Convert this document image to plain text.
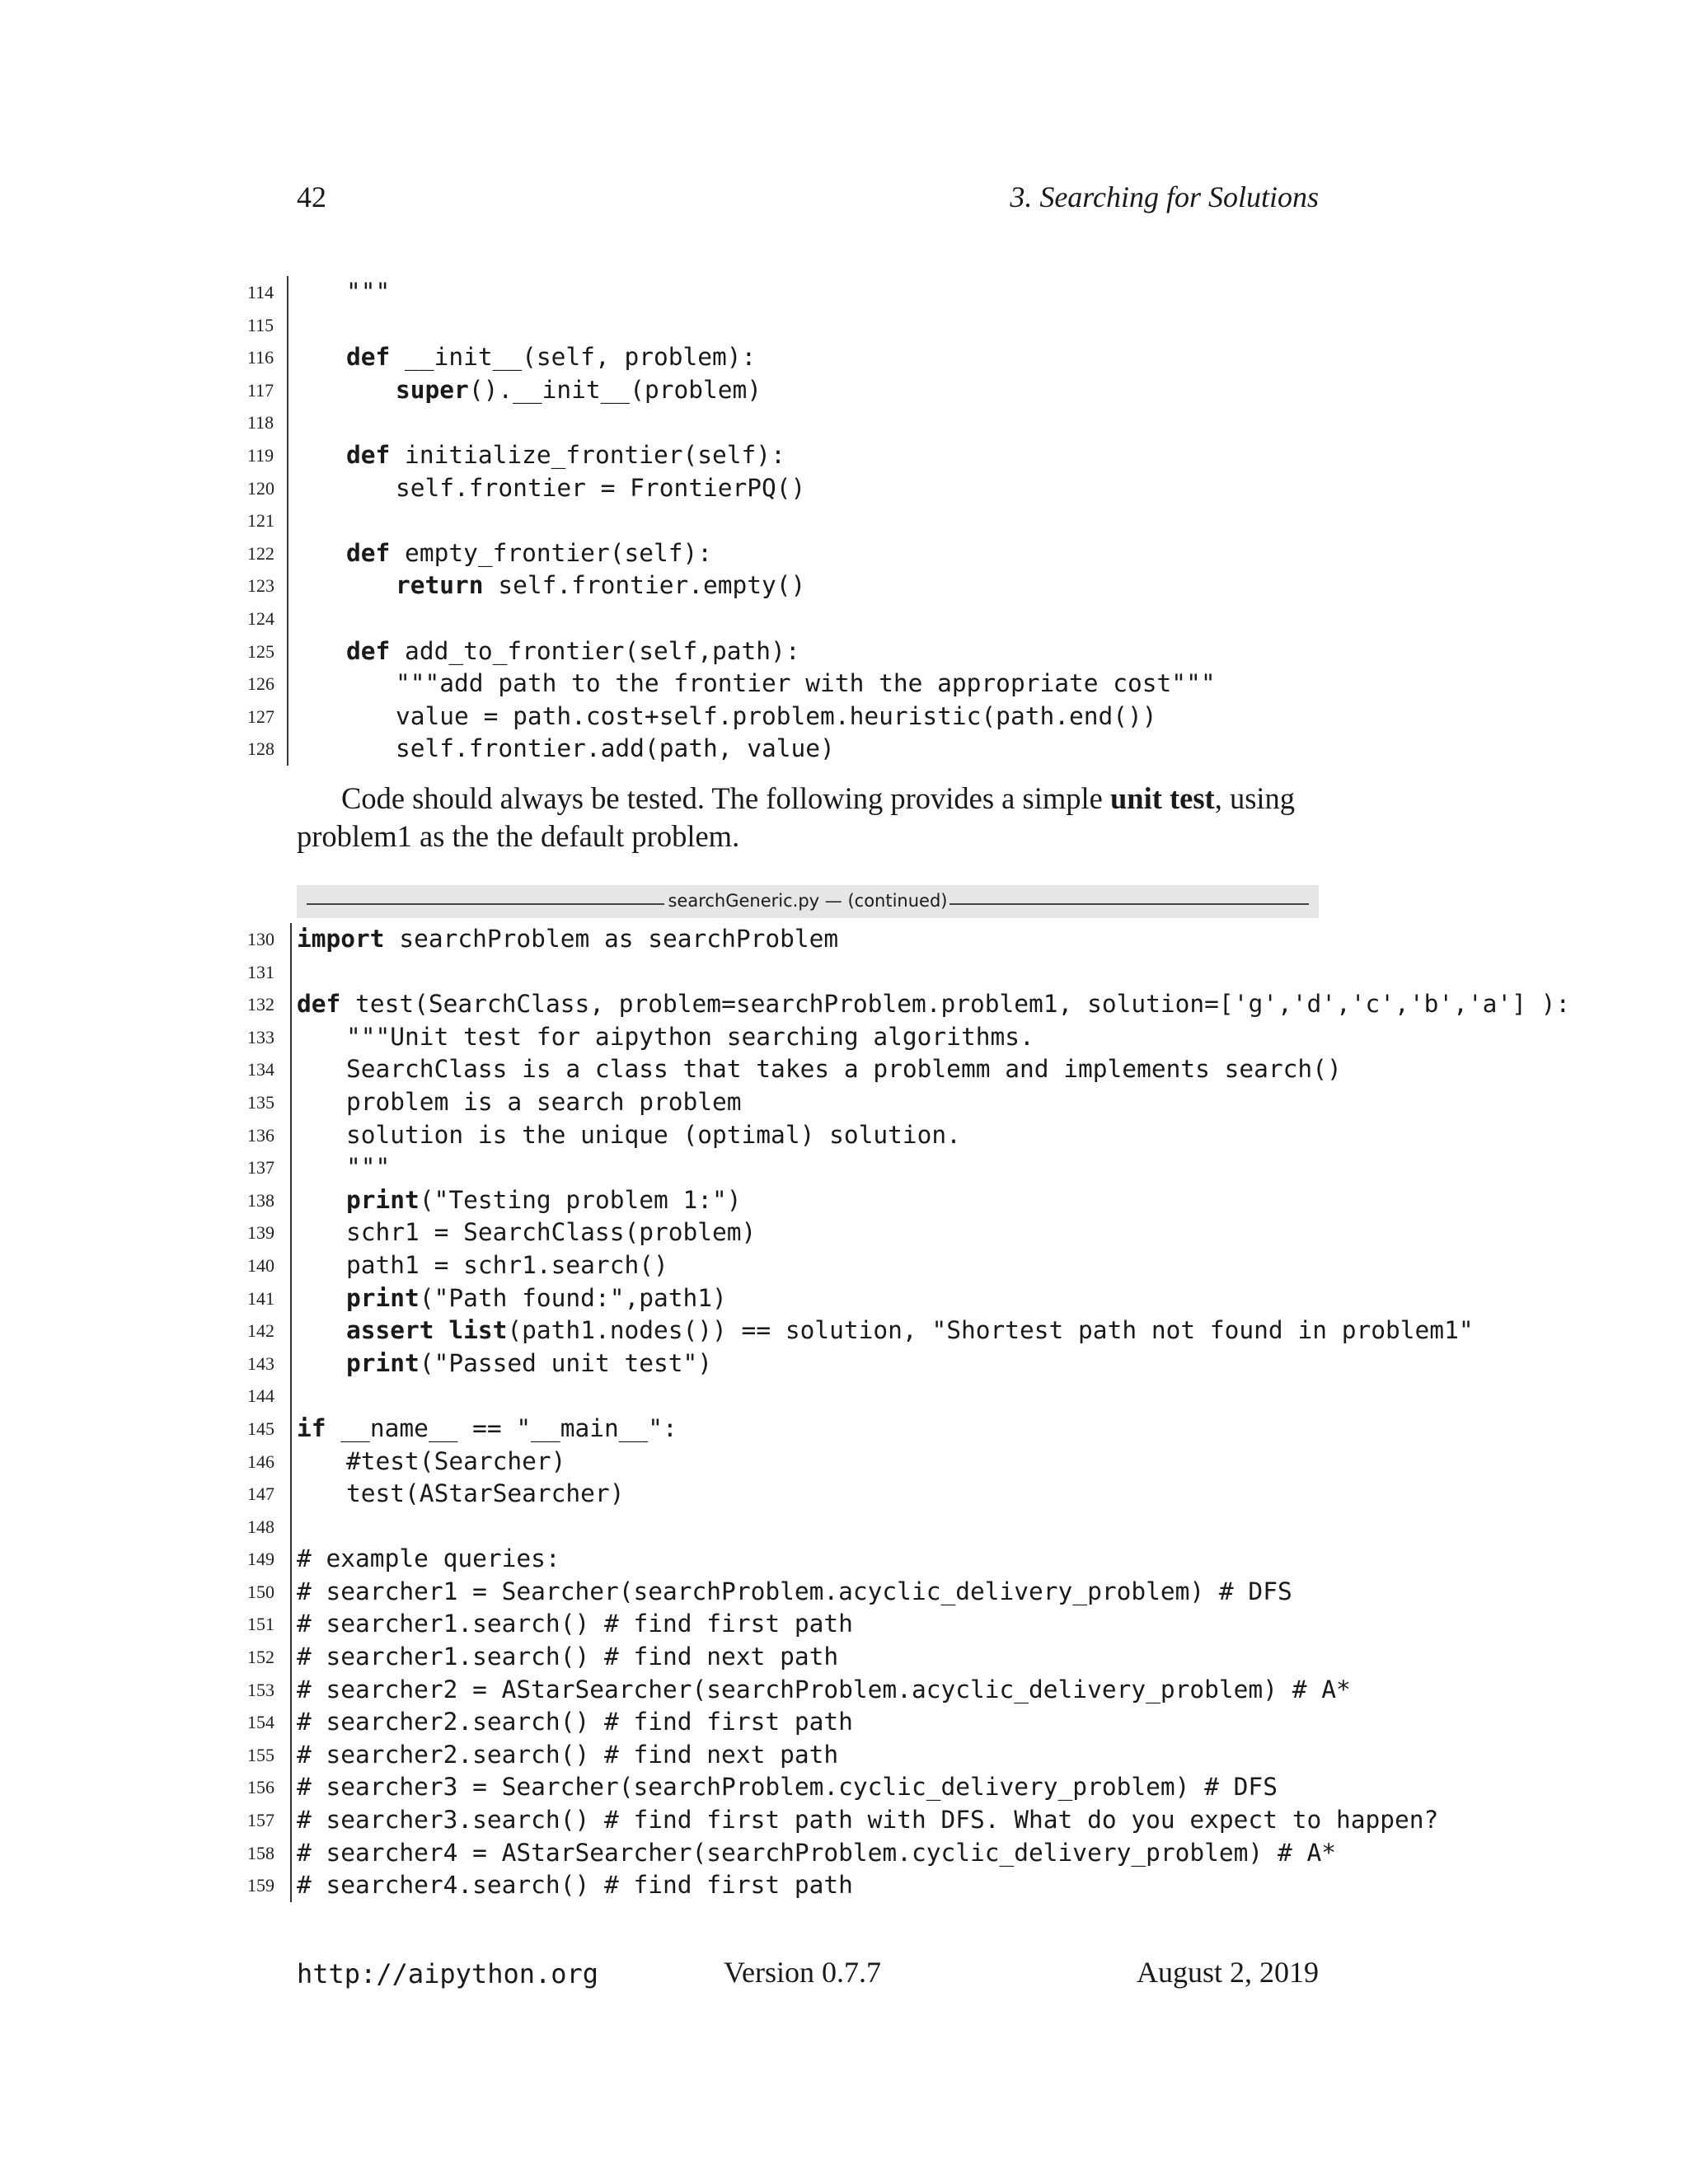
42	3. Searching for Solutions
114	"""
115
116	def __init__(self, problem):
117	super().__init__(problem)
118
119	def initialize_frontier(self):
120	self.frontier = FrontierPQ()
121
122	def empty_frontier(self):
123	return self.frontier.empty()
124
125	def add_to_frontier(self,path):
126	"""add path to the frontier with the appropriate cost"""
127	value = path.cost+self.problem.heuristic(path.end())
128	self.frontier.add(path, value)

Code should always be tested. The following provides a simple unit test, using problem1 as the the default problem.

searchGeneric.py — (continued)
130 import searchProblem as searchProblem
131
132 def test(SearchClass, problem=searchProblem.problem1, solution=['g','d','c','b','a'] ):
133	"""Unit test for aipython searching algorithms.
134	SearchClass is a class that takes a problemm and implements search()
135	problem is a search problem
136	solution is the unique (optimal) solution.
137	"""
138	print("Testing problem 1:")
139	schr1 = SearchClass(problem)
140	path1 = schr1.search()
141	print("Path found:",path1)
142	assert list(path1.nodes()) == solution, "Shortest path not found in problem1"
143	print("Passed unit test")
144
145 if __name__ == "__main__":
146	#test(Searcher)
147	test(AStarSearcher)
148
149 # example queries:
150 # searcher1 = Searcher(searchProblem.acyclic_delivery_problem) # DFS
151 # searcher1.search() # find first path
152 # searcher1.search() # find next path
153 # searcher2 = AStarSearcher(searchProblem.acyclic_delivery_problem) # A*
154 # searcher2.search() # find first path
155 # searcher2.search() # find next path
156 # searcher3 = Searcher(searchProblem.cyclic_delivery_problem) # DFS
157 # searcher3.search() # find first path with DFS. What do you expect to happen?
158 # searcher4 = AStarSearcher(searchProblem.cyclic_delivery_problem) # A*
159 # searcher4.search() # find first path
http://aipython.org	Version 0.7.7	August 2, 2019
